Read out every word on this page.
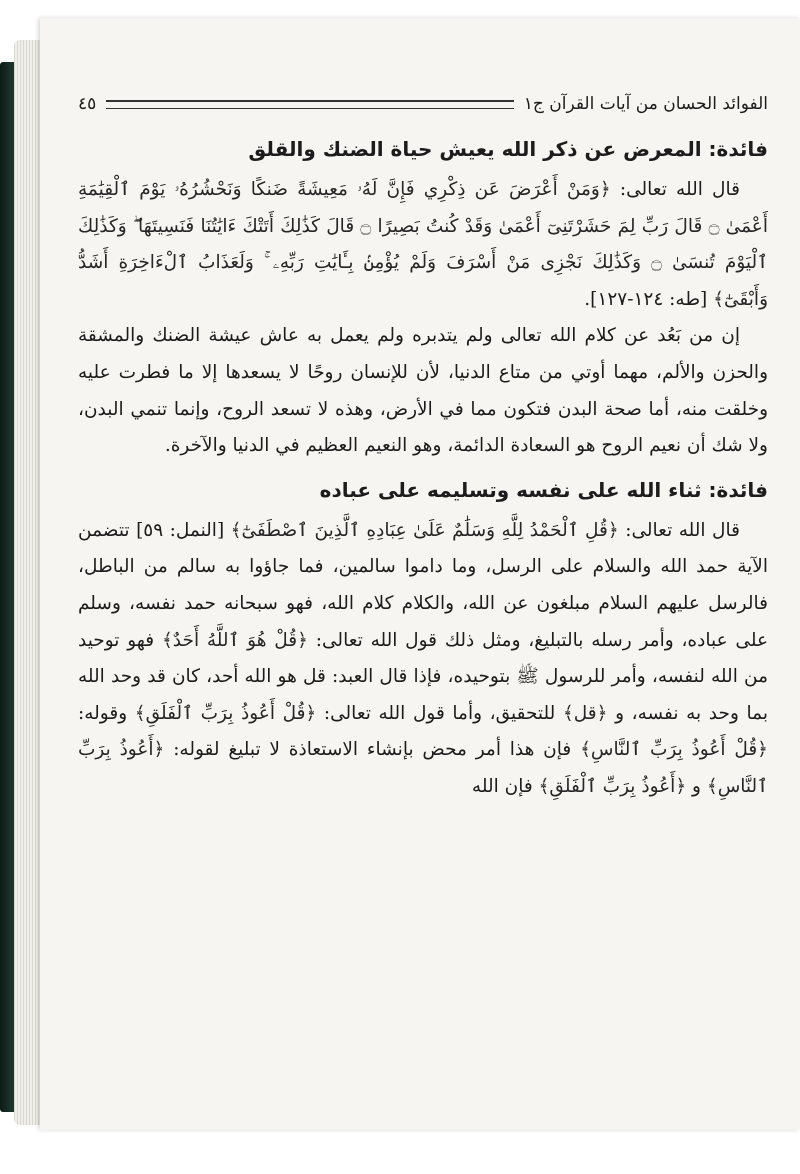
الفوائد الحسان من آيات القرآن ج١
٤٥
فائدة: المعرض عن ذكر الله يعيش حياة الضنك والقلق

قال الله تعالى: ﴿وَمَنْ أَعْرَضَ عَن ذِكْرِي فَإِنَّ لَهُۥ مَعِيشَةً ضَنكًا وَنَحْشُرُهُۥ يَوْمَ ٱلْقِيَٰمَةِ أَعْمَىٰ ۝ قَالَ رَبِّ لِمَ حَشَرْتَنِىٓ أَعْمَىٰ وَقَدْ كُنتُ بَصِيرًا ۝ قَالَ كَذَٰلِكَ أَتَتْكَ ءَايَٰتُنَا فَنَسِيتَهَا ۖ وَكَذَٰلِكَ ٱلْيَوْمَ تُنسَىٰ ۝ وَكَذَٰلِكَ نَجْزِى مَنْ أَسْرَفَ وَلَمْ يُؤْمِنۢ بِـَٔايَٰتِ رَبِّهِۦ ۚ وَلَعَذَابُ ٱلْءَاخِرَةِ أَشَدُّ وَأَبْقَىٰٓ﴾ [طه: ١٢٤-١٢٧].

إن من بَعُد عن كلام الله تعالى ولم يتدبره ولم يعمل به عاش عيشة الضنك والمشقة والحزن والألم، مهما أوتي من متاع الدنيا، لأن للإنسان روحًا لا يسعدها إلا ما فطرت عليه وخلقت منه، أما صحة البدن فتكون مما في الأرض، وهذه لا تسعد الروح، وإنما تنمي البدن، ولا شك أن نعيم الروح هو السعادة الدائمة، وهو النعيم العظيم في الدنيا والآخرة.

فائدة: ثناء الله على نفسه وتسليمه على عباده

قال الله تعالى: ﴿قُلِ ٱلْحَمْدُ لِلَّهِ وَسَلَٰمٌ عَلَىٰ عِبَادِهِ ٱلَّذِينَ ٱصْطَفَىٰٓ﴾ [النمل: ٥٩] تتضمن الآية حمد الله والسلام على الرسل، وما داموا سالمين، فما جاؤوا به سالم من الباطل، فالرسل عليهم السلام مبلغون عن الله، والكلام كلام الله، فهو سبحانه حمد نفسه، وسلم على عباده، وأمر رسله بالتبليغ، ومثل ذلك قول الله تعالى: ﴿قُلْ هُوَ ٱللَّهُ أَحَدٌ﴾ فهو توحيد من الله لنفسه، وأمر للرسول ﷺ بتوحيده، فإذا قال العبد: قل هو الله أحد، كان قد وحد الله بما وحد به نفسه، و ﴿قل﴾ للتحقيق، وأما قول الله تعالى: ﴿قُلْ أَعُوذُ بِرَبِّ ٱلْفَلَقِ﴾ وقوله: ﴿قُلْ أَعُوذُ بِرَبِّ ٱلنَّاسِ﴾ فإن هذا أمر محض بإنشاء الاستعاذة لا تبليغ لقوله: ﴿أَعُوذُ بِرَبِّ ٱلنَّاسِ﴾ و ﴿أَعُوذُ بِرَبِّ ٱلْفَلَقِ﴾ فإن الله
